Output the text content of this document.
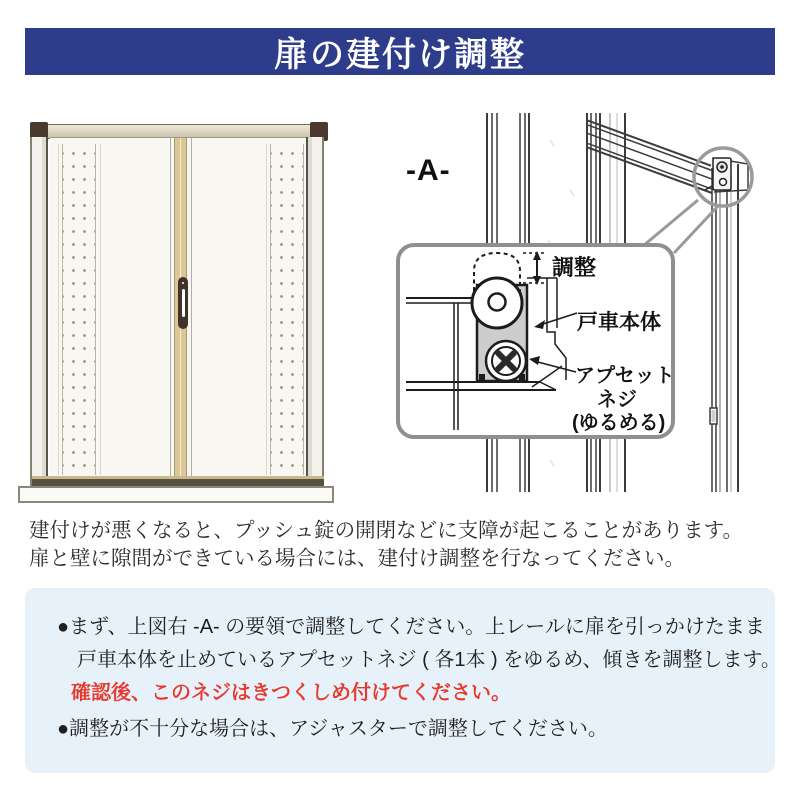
扉の建付け調整
-A-
調整
戸車本体
アプセット
ネジ
(ゆるめる)
建付けが悪くなると、プッシュ錠の開閉などに支障が起こることがあります。
扉と壁に隙間ができている場合には、建付け調整を行なってください。
●まず、上図右 -A- の要領で調整してください。上レールに扉を引っかけたまま
戸車本体を止めているアプセットネジ ( 各1本 ) をゆるめ、傾きを調整します。
確認後、このネジはきつくしめ付けてください。
●調整が不十分な場合は、アジャスターで調整してください。
